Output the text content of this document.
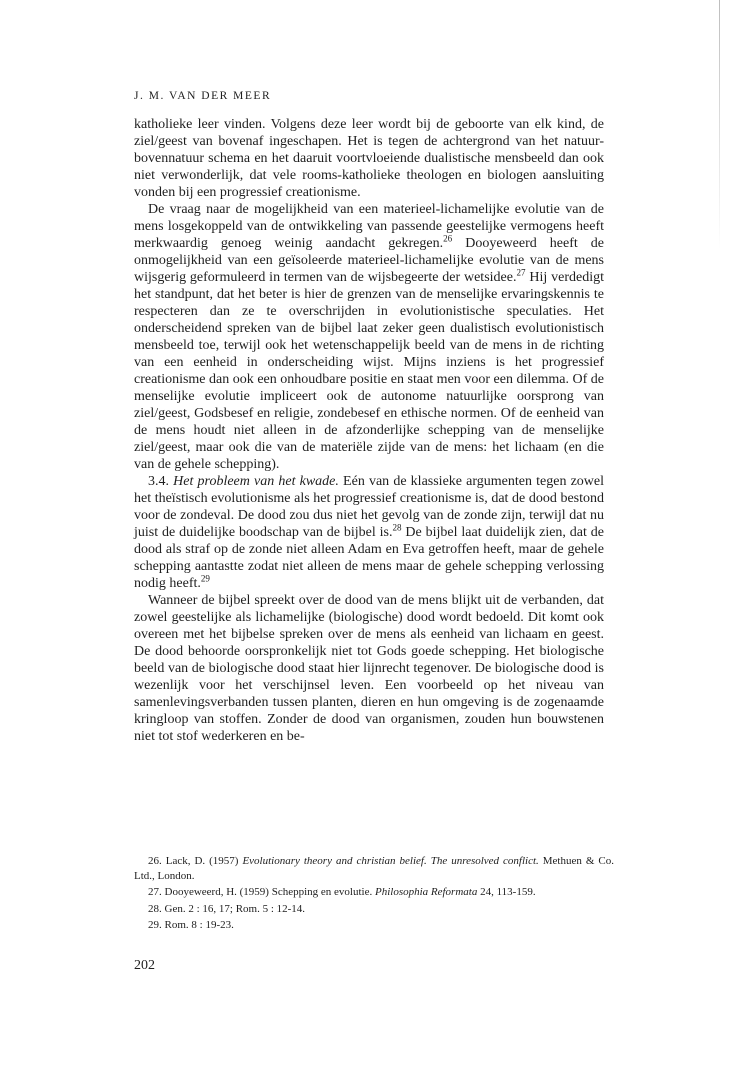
J. M. VAN DER MEER

katholieke leer vinden. Volgens deze leer wordt bij de geboorte van elk kind, de ziel/geest van bovenaf ingeschapen. Het is tegen de achtergrond van het natuur-bovennatuur schema en het daaruit voortvloeiende dualistische mensbeeld dan ook niet verwonderlijk, dat vele rooms-katholieke theologen en biologen aansluiting vonden bij een progressief creationisme.

De vraag naar de mogelijkheid van een materieel-lichamelijke evolutie van de mens losgekoppeld van de ontwikkeling van passende geestelijke vermogens heeft merkwaardig genoeg weinig aandacht gekregen.$^{26}$ Dooyeweerd heeft de onmogelijkheid van een geïsoleerde materieel-lichamelijke evolutie van de mens wijsgerig geformuleerd in termen van de wijsbegeerte der wetsidee.$^{27}$ Hij verdedigt het standpunt, dat het beter is hier de grenzen van de menselijke ervaringskennis te respecteren dan ze te overschrijden in evolutionistische speculaties. Het onderscheidend spreken van de bijbel laat zeker geen dualistisch evolutionistisch mensbeeld toe, terwijl ook het wetenschappelijk beeld van de mens in de richting van een eenheid in onderscheiding wijst. Mijns inziens is het progressief creationisme dan ook een onhoudbare positie en staat men voor een dilemma. Of de menselijke evolutie impliceert ook de autonome natuurlijke oorsprong van ziel/geest, Godsbesef en religie, zondebesef en ethische normen. Of de eenheid van de mens houdt niet alleen in de afzonderlijke schepping van de menselijke ziel/geest, maar ook die van de materiële zijde van de mens: het lichaam (en die van de gehele schepping).

3.4. Het probleem van het kwade. Eén van de klassieke argumenten tegen zowel het theïstisch evolutionisme als het progressief creationisme is, dat de dood bestond voor de zondeval. De dood zou dus niet het gevolg van de zonde zijn, terwijl dat nu juist de duidelijke boodschap van de bijbel is.$^{28}$ De bijbel laat duidelijk zien, dat de dood als straf op de zonde niet alleen Adam en Eva getroffen heeft, maar de gehele schepping aantastte zodat niet alleen de mens maar de gehele schepping verlossing nodig heeft.$^{29}$

Wanneer de bijbel spreekt over de dood van de mens blijkt uit de verbanden, dat zowel geestelijke als lichamelijke (biologische) dood wordt bedoeld. Dit komt ook overeen met het bijbelse spreken over de mens als eenheid van lichaam en geest. De dood behoorde oorspronkelijk niet tot Gods goede schepping. Het biologische beeld van de biologische dood staat hier lijnrecht tegenover. De biologische dood is wezenlijk voor het verschijnsel leven. Een voorbeeld op het niveau van samenlevingsverbanden tussen planten, dieren en hun omgeving is de zogenaamde kringloop van stoffen. Zonder de dood van organismen, zouden hun bouwstenen niet tot stof wederkeren en be-

26. Lack, D. (1957) Evolutionary theory and christian belief. The unresolved conflict. Methuen & Co. Ltd., London.

27. Dooyeweerd, H. (1959) Schepping en evolutie. Philosophia Reformata 24, 113-159.

28. Gen. 2 : 16, 17; Rom. 5 : 12-14.

29. Rom. 8 : 19-23.

202
